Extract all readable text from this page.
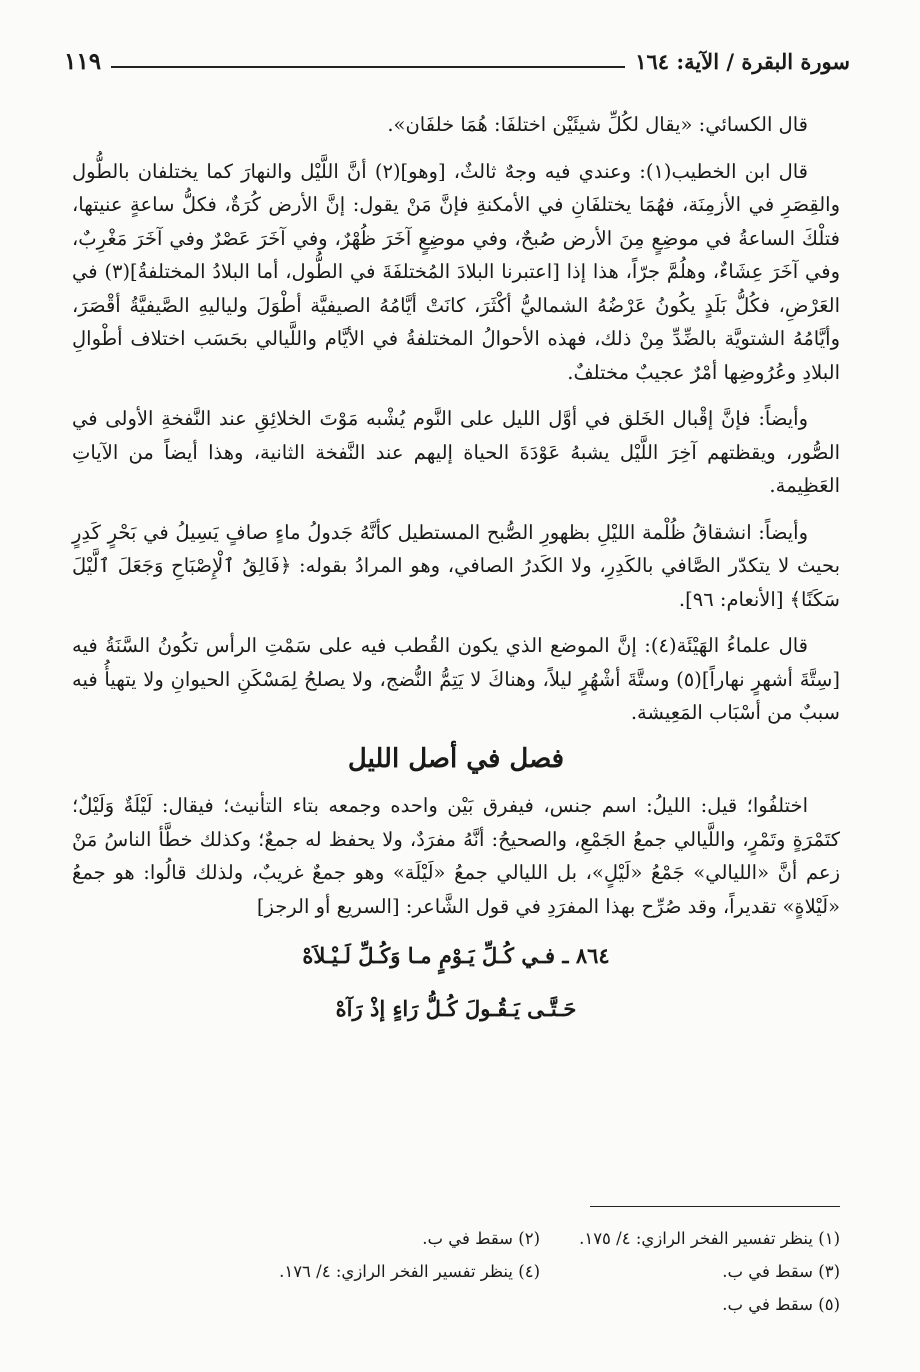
سورة البقرة / الآية: ١٦٤
١١٩

قال الكسائي: «يقال لكُلِّ شيئَيْن اختلفَا: هُمَا خلفَان».

قال ابن الخطيب(١): وعندي فيه وجهٌ ثالثٌ، [وهو](٢) أنَّ اللَّيْل والنهارَ كما يختلفان بالطُّول والقِصَرِ في الأزمِنَة، فهُمَا يختلفَانِ في الأمكنةِ فإنَّ مَنْ يقول: إنَّ الأرض كُرَةٌ، فكلُّ ساعةٍ عنيتها، فتلْكَ الساعةُ في موضِعٍ مِنَ الأرض صُبحٌ، وفي موضِعٍ آخَرَ ظُهْرٌ، وفي آخَرَ عَصْرٌ وفي آخَرَ مَغْرِبٌ، وفي آخَرَ عِشَاءٌ، وهلُمَّ جرّاً، هذا إذا [اعتبرنا البلادَ المُختلفَةَ في الطُّول، أما البلادُ المختلفةُ](٣) في العَرْضِ، فكُلُّ بَلَدٍ يكُونُ عَرْضُهُ الشماليُّ أكْثَرَ، كانَتْ أيَّامُهُ الصيفيَّة أطْوَلَ ولياليهِ الصَّيفيَّةُ أقْصَرَ، وأيَّامُهُ الشتويَّة بالضِّدِّ مِنْ ذلك، فهذه الأحوالُ المختلفةُ في الأيَّام واللَّيالي بحَسَب اختلاف أطْوالِ البلادِ وعُرُوضِها أمْرٌ عجيبٌ مختلفٌ.

وأيضاً: فإنَّ إقْبال الخَلق في أوَّل الليل على النَّوم يُشْبه مَوْتَ الخلائِقِ عند النَّفخةِ الأولى في الصُّور، ويقظتهم آخِرَ اللَّيْل يشبهُ عَوْدَةَ الحياة إليهم عند النَّفخة الثانية، وهذا أيضاً من الآياتِ العَظِيمة.

وأيضاً: انشقاقُ ظُلْمة الليْلِ بظهورِ الصُّبح المستطيل كأنَّهُ جَدولُ ماءٍ صافٍ يَسِيلُ في بَحْرٍ كَدِرٍ بحيث لا يتكدّر الصَّافي بالكَدِرِ، ولا الكَدرُ الصافي، وهو المرادُ بقوله: ﴿فَالِقُ ٱلْإِصْبَاحِ وَجَعَلَ ٱلَّيْلَ سَكَنًا﴾ [الأنعام: ٩٦].

قال علماءُ الهَيْئَة(٤): إنَّ الموضع الذي يكون القُطب فيه على سَمْتِ الرأس تكُونُ السَّنَةُ فيه [سِتَّةَ أشهرٍ نهاراً](٥) وستَّةَ أشْهُرٍ ليلاً، وهناكَ لا يَتِمُّ النُّضج، ولا يصلحُ لِمَسْكَنِ الحيوانِ ولا يتهيأُ فيه سببٌ من أسْبَاب المَعِيشة.

فصل في أصل الليل

اختلفُوا؛ قيل: الليلُ: اسم جنس، فيفرق بَيْن واحده وجمعه بتاء التأنيث؛ فيقال: لَيْلَةٌ وَلَيْلٌ؛ كتَمْرَةٍ وتَمْرٍ، واللَّيالي جمعُ الجَمْعِ، والصحيحُ: أنَّهُ مفرَدٌ، ولا يحفظ له جمعٌ؛ وكذلك خطَّأ الناسُ مَنْ زعم أنَّ «الليالي» جَمْعُ «لَيْلٍ»، بل الليالي جمعُ «لَيْلَة» وهو جمعٌ غريبٌ، ولذلك قالُوا: هو جمعُ «لَيْلاةٍ» تقديراً، وقد صُرِّح بهذا المفرَدِ في قول الشَّاعر: [السريع أو الرجز]

٨٦٤ ـ فـي كُـلِّ يَـوْمٍ مـا وَكُـلِّ لَـيْـلاَهْ

حَـتَّـى يَـقُـولَ كُـلُّ رَاءٍ إذْ رَآهْ

(١) ينظر تفسير الفخر الرازي: ٤/ ١٧٥.
(٢) سقط في ب.
(٣) سقط في ب.
(٤) ينظر تفسير الفخر الرازي: ٤/ ١٧٦.
(٥) سقط في ب.
